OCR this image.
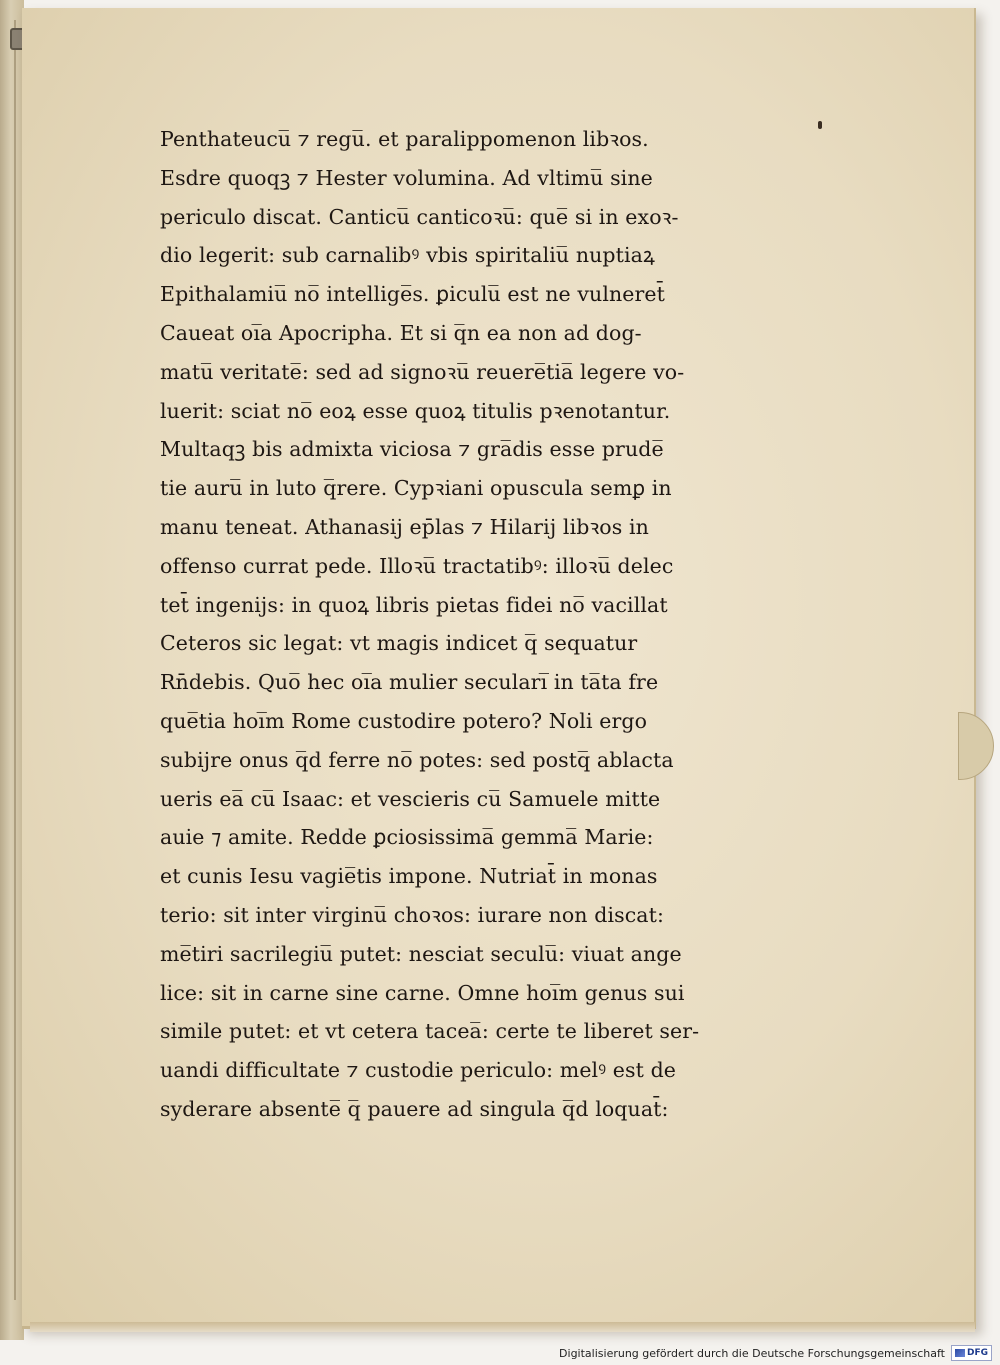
Penthateucu̅ ⁊ regu̅. et paralippomenon libꝛos.
Esdre quoqꝫ ⁊ Hester volumina. Ad vltimu̅ sine
periculo discat. Canticu̅ canticoꝛu̅: que̅ si in exoꝛ-
dio legerit: sub carnalibꝰ vbis spiritaliu̅ nuptiaꝝ
Epithalamiu̅ no̅ intellige̅s. ꝑiculu̅ est ne vulneret̄
Caueat oi̅a Apocripha. Et si q̅n ea non ad dog-
matu̅ veritate̅: sed ad signoꝛu̅ reuere̅tia̅ legere vo-
luerit: sciat no̅ eoꝝ esse quoꝝ titulis pꝛenotantur.
Multaqꝫ bis admixta viciosa ⁊ gra̅dis esse prude̅
tie auru̅ in luto q̅rere. Cypꝛiani opuscula semꝑ in
manu teneat. Athanasij ep̄las ⁊ Hilarij libꝛos in
offenso currat pede. Illoꝛu̅ tractatibꝰ: illoꝛu̅ delec
tet̄ ingenijs: in quoꝝ libris pietas fidei no̅ vacillat
Ceteros sic legat: vt magis indicet q̅ sequatur
Rn̄debis. Quo̅ hec oi̅a mulier seculari̅ in ta̅ta fre
que̅tia hoi̅m Rome custodire potero? Noli ergo
subijre onus q̅d ferre no̅ potes: sed postq̅ ablacta
ueris ea̅ cu̅ Isaac: et vescieris cu̅ Samuele mitte
auie ⁊ amite. Redde ꝑciosissima̅ gemma̅ Marie:
et cunis Iesu vagie̅tis impone. Nutriat̄ in monas
terio: sit inter virginu̅ choꝛos: iurare non discat:
me̅tiri sacrilegiu̅ putet: nesciat seculu̅: viuat ange
lice: sit in carne sine carne. Omne hoi̅m genus sui
simile putet: et vt cetera tacea̅: certe te liberet ser-
uandi difficultate ⁊ custodie periculo: melꝰ est de
syderare absente̅ q̅ pauere ad singula q̅d loquat̄:
Digitalisierung gefördert durch die Deutsche Forschungsgemeinschaft DFG
